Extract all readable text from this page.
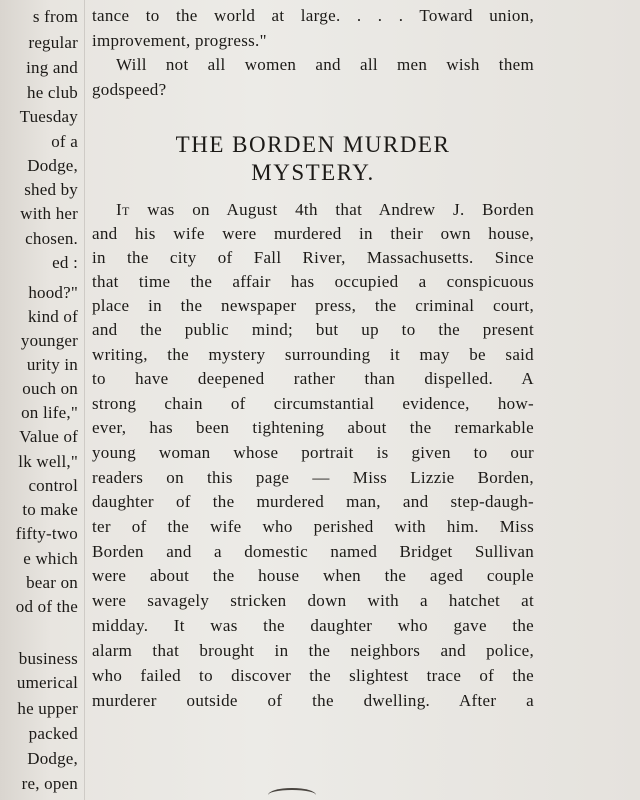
s from
regular
ing and
he club
Tuesday
of a
Dodge,
shed by
with her
chosen.
ed :
hood?"
kind of
younger
urity in
ouch on
on life,"
Value of
lk well,"
control
to make
fifty-two
e which
bear on
od of the
business
umerical
he upper
packed
Dodge,
re, open
tance to the world at large. . . . Toward union,
improvement, progress."
Will not all women and all men wish them
godspeed?
THE BORDEN MURDER
MYSTERY.
It was on August 4th that Andrew J. Borden
and his wife were murdered in their own house,
in the city of Fall River, Massachusetts. Since
that time the affair has occupied a conspicuous
place in the newspaper press, the criminal court,
and the public mind; but up to the present
writing, the mystery surrounding it may be said
to have deepened rather than dispelled. A
strong chain of circumstantial evidence, how-
ever, has been tightening about the remarkable
young woman whose portrait is given to our
readers on this page — Miss Lizzie Borden,
daughter of the murdered man, and step-daugh-
ter of the wife who perished with him. Miss
Borden and a domestic named Bridget Sullivan
were about the house when the aged couple
were savagely stricken down with a hatchet at
midday. It was the daughter who gave the
alarm that brought in the neighbors and police,
who failed to discover the slightest trace of the
murderer outside of the dwelling. After a
